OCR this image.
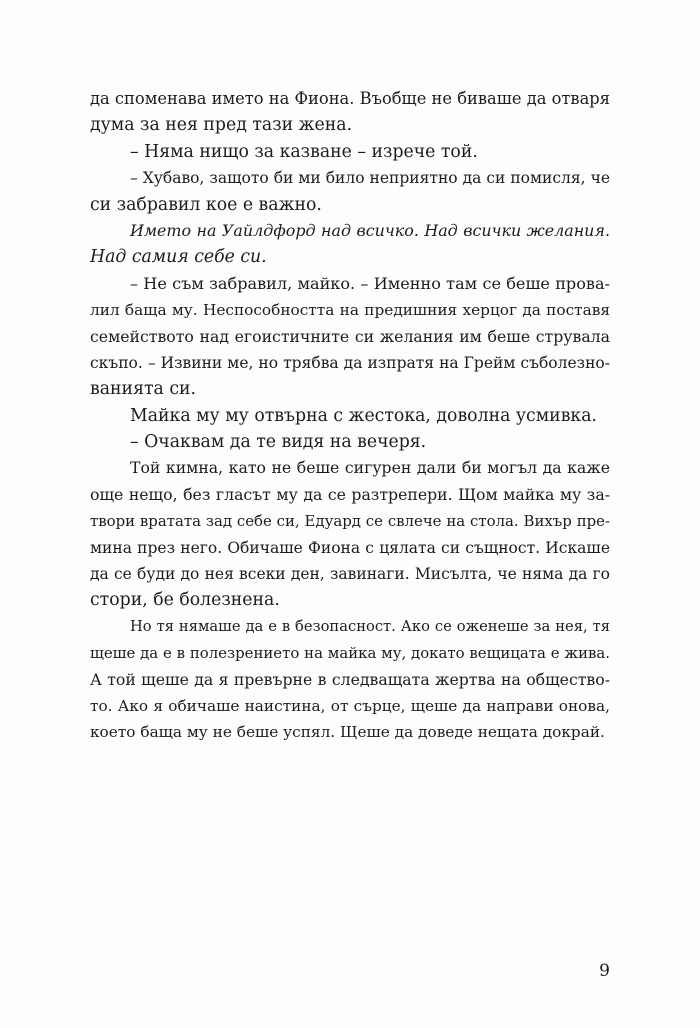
да споменава името на Фиона. Въобще не биваше да отваря
дума за нея пред тази жена.
– Няма нищо за казване – изрече той.
– Хубаво, защото би ми било неприятно да си помисля, че
си забравил кое е важно.
Името на Уайлдфорд над всичко. Над всички желания.
Над самия себе си.
– Не съм забравил, майко. – Именно там се беше прова-
лил баща му. Неспособността на предишния херцог да поставя
семейството над егоистичните си желания им беше струвала
скъпо. – Извини ме, но трябва да изпратя на Грейм съболезно-
ванията си.
Майка му му отвърна с жестока, доволна усмивка.
– Очаквам да те видя на вечеря.
Той кимна, като не беше сигурен дали би могъл да каже
още нещо, без гласът му да се разтрепери. Щом майка му за-
твори вратата зад себе си, Едуард се свлече на стола. Вихър пре-
мина през него. Обичаше Фиона с цялата си същност. Искаше
да се буди до нея всеки ден, завинаги. Мисълта, че няма да го
стори, бе болезнена.
Но тя нямаше да е в безопасност. Ако се оженеше за нея, тя
щеше да е в полезрението на майка му, докато вещицата е жива.
А той щеше да я превърне в следващата жертва на общество-
то. Ако я обичаше наистина, от сърце, щеше да направи онова,
което баща му не беше успял. Щеше да доведе нещата докрай.
9
